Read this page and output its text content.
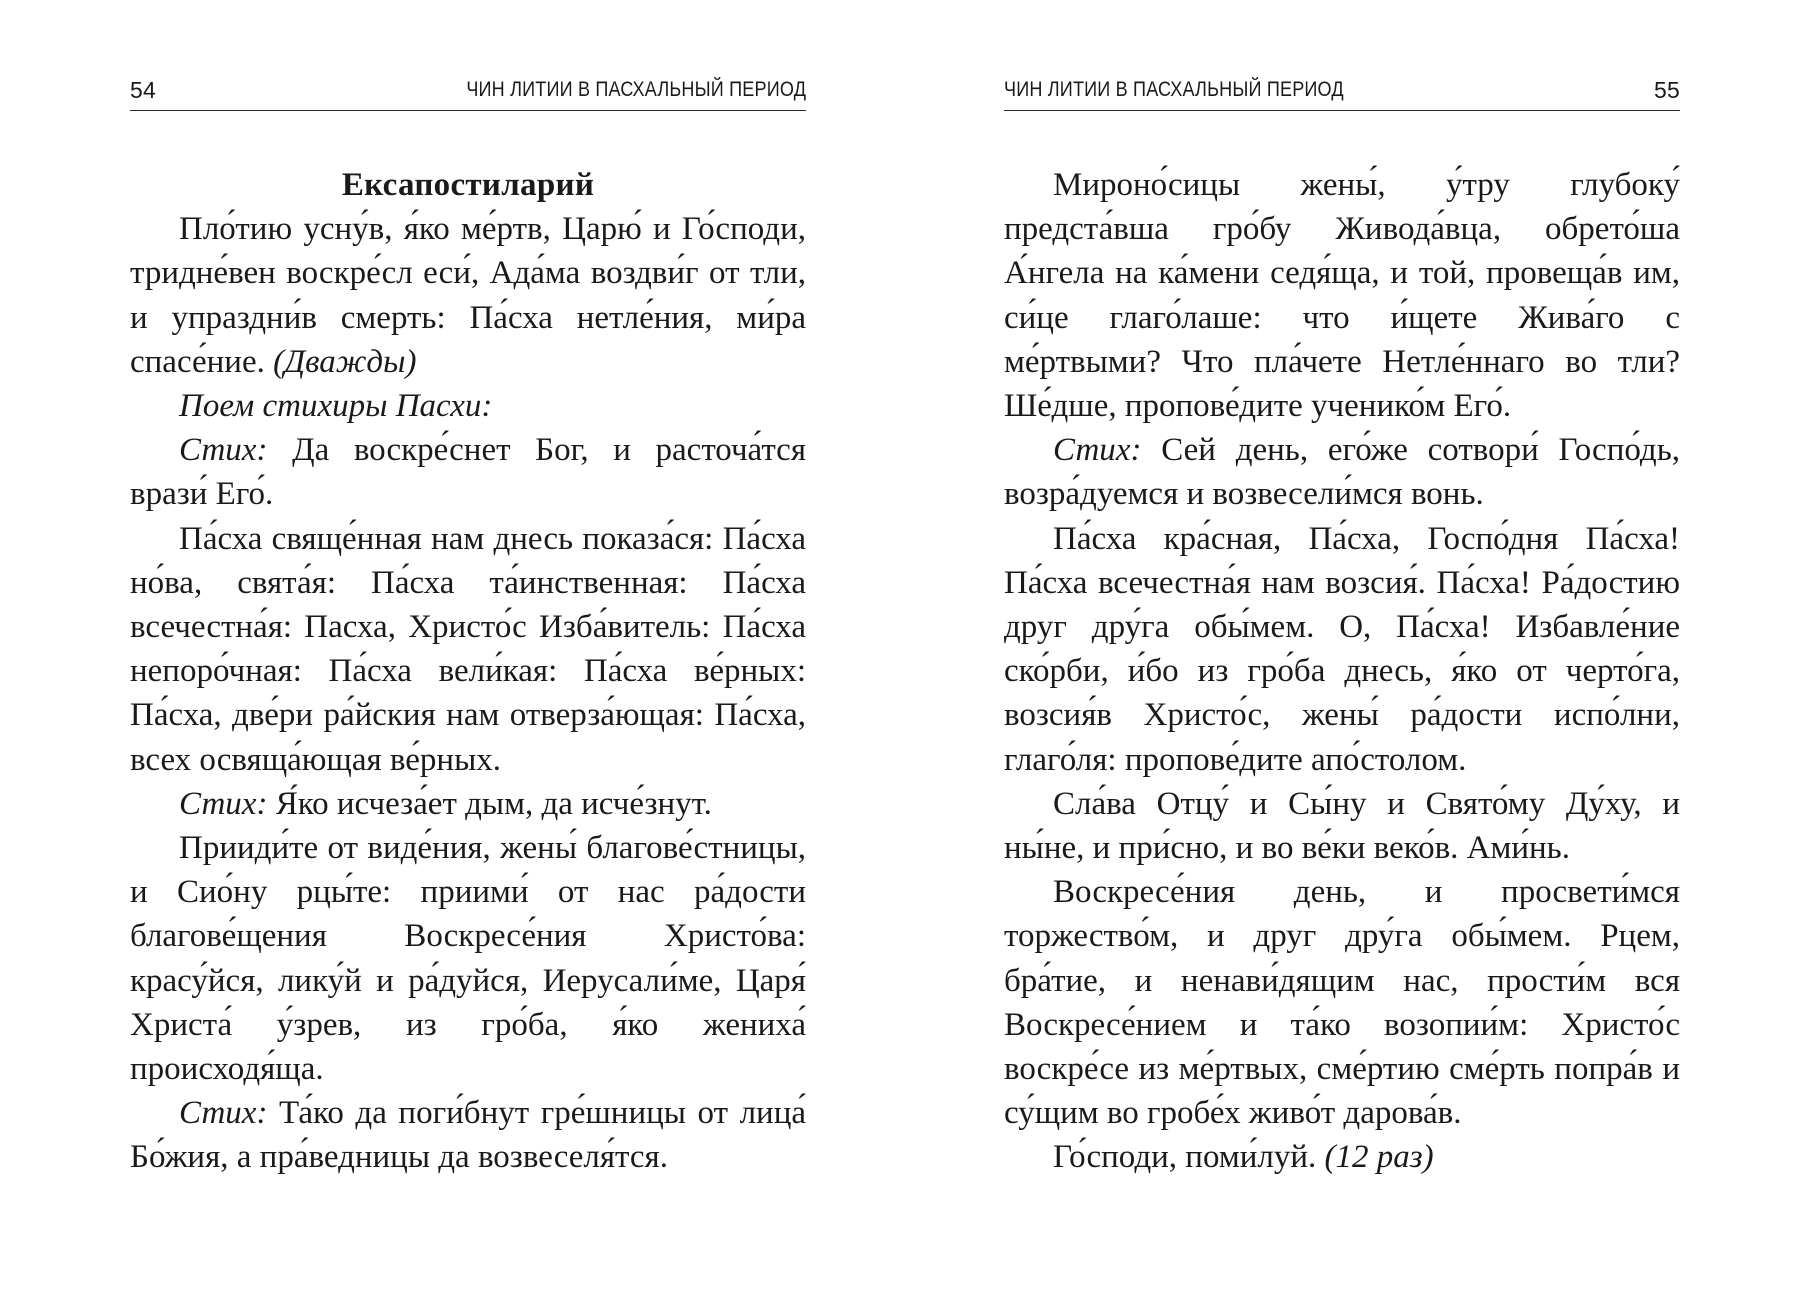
54	ЧИН ЛИТИИ В ПАСХАЛЬНЫЙ ПЕРИОД

Ексапостиларий

Пло́тию усну́в, я́ко ме́ртв, Царю́ и Го́споди, тридне́вен воскре́сл еси́, Ада́ма воздви́г от тли, и упраздни́в смерть: Па́сха нетле́ния, ми́ра спасе́ние. (Дважды)

Поем стихиры Пасхи:

Стих: Да воскре́снет Бог, и расточа́тся врази́ Его́.

Па́сха свяще́нная нам днесь показа́ся: Па́сха но́ва, свята́я: Па́сха та́инственная: Па́сха всечестна́я: Пасха, Христо́с Изба́витель: Па́сха непоро́чная: Па́сха вели́кая: Па́сха ве́рных: Па́сха, две́ри ра́йския нам отверза́ющая: Па́сха, всех освяща́ющая ве́рных.

Стих: Я́ко исчеза́ет дым, да исче́знут.

Прииди́те от виде́ния, жены́ благове́стницы, и Сио́ну рцы́те: приими́ от нас ра́дости благове́щения Воскресе́ния Христо́ва: красу́йся, лику́й и ра́дуйся, Иерусали́ме, Царя́ Христа́ у́зрев, из гро́ба, я́ко жениха́ происходя́ща.

Стих: Та́ко да поги́бнут гре́шницы от лица́ Бо́жия, а пра́ведницы да возвеселя́тся.

ЧИН ЛИТИИ В ПАСХАЛЬНЫЙ ПЕРИОД	55

Мироно́сицы жены́, у́тру глубоку́ предста́вша гро́бу Живода́вца, обрето́ша А́нгела на ка́мени седя́ща, и той, провеща́в им, си́це глаго́лаше: что и́щете Жива́го с ме́ртвыми? Что пла́чете Нетле́ннаго во тли? Ше́дше, пропове́дите ученико́м Его́.

Стих: Сей день, его́же сотвори́ Госпо́дь, возра́дуемся и возвесели́мся вонь.

Па́сха кра́сная, Па́сха, Госпо́дня Па́сха! Па́сха всечестна́я нам возсия́. Па́сха! Ра́достию друг дру́га обы́мем. О, Па́сха! Избавле́ние ско́рби, и́бо из гро́ба днесь, я́ко от черто́га, возсия́в Христо́с, жены́ ра́дости испо́лни, глаго́ля: пропове́дите апо́столом.

Сла́ва Отцу́ и Сы́ну и Свято́му Ду́ху, и ны́не, и при́сно, и во ве́ки веко́в. Ами́нь.

Воскресе́ния день, и просвети́мся торжество́м, и друг дру́га обы́мем. Рцем, бра́тие, и ненави́дящим нас, прости́м вся Воскресе́нием и та́ко возопии́м: Христо́с воскре́се из ме́ртвых, сме́ртию сме́рть попра́в и су́щим во гробе́х живо́т дарова́в.

Го́споди, поми́луй. (12 раз)
